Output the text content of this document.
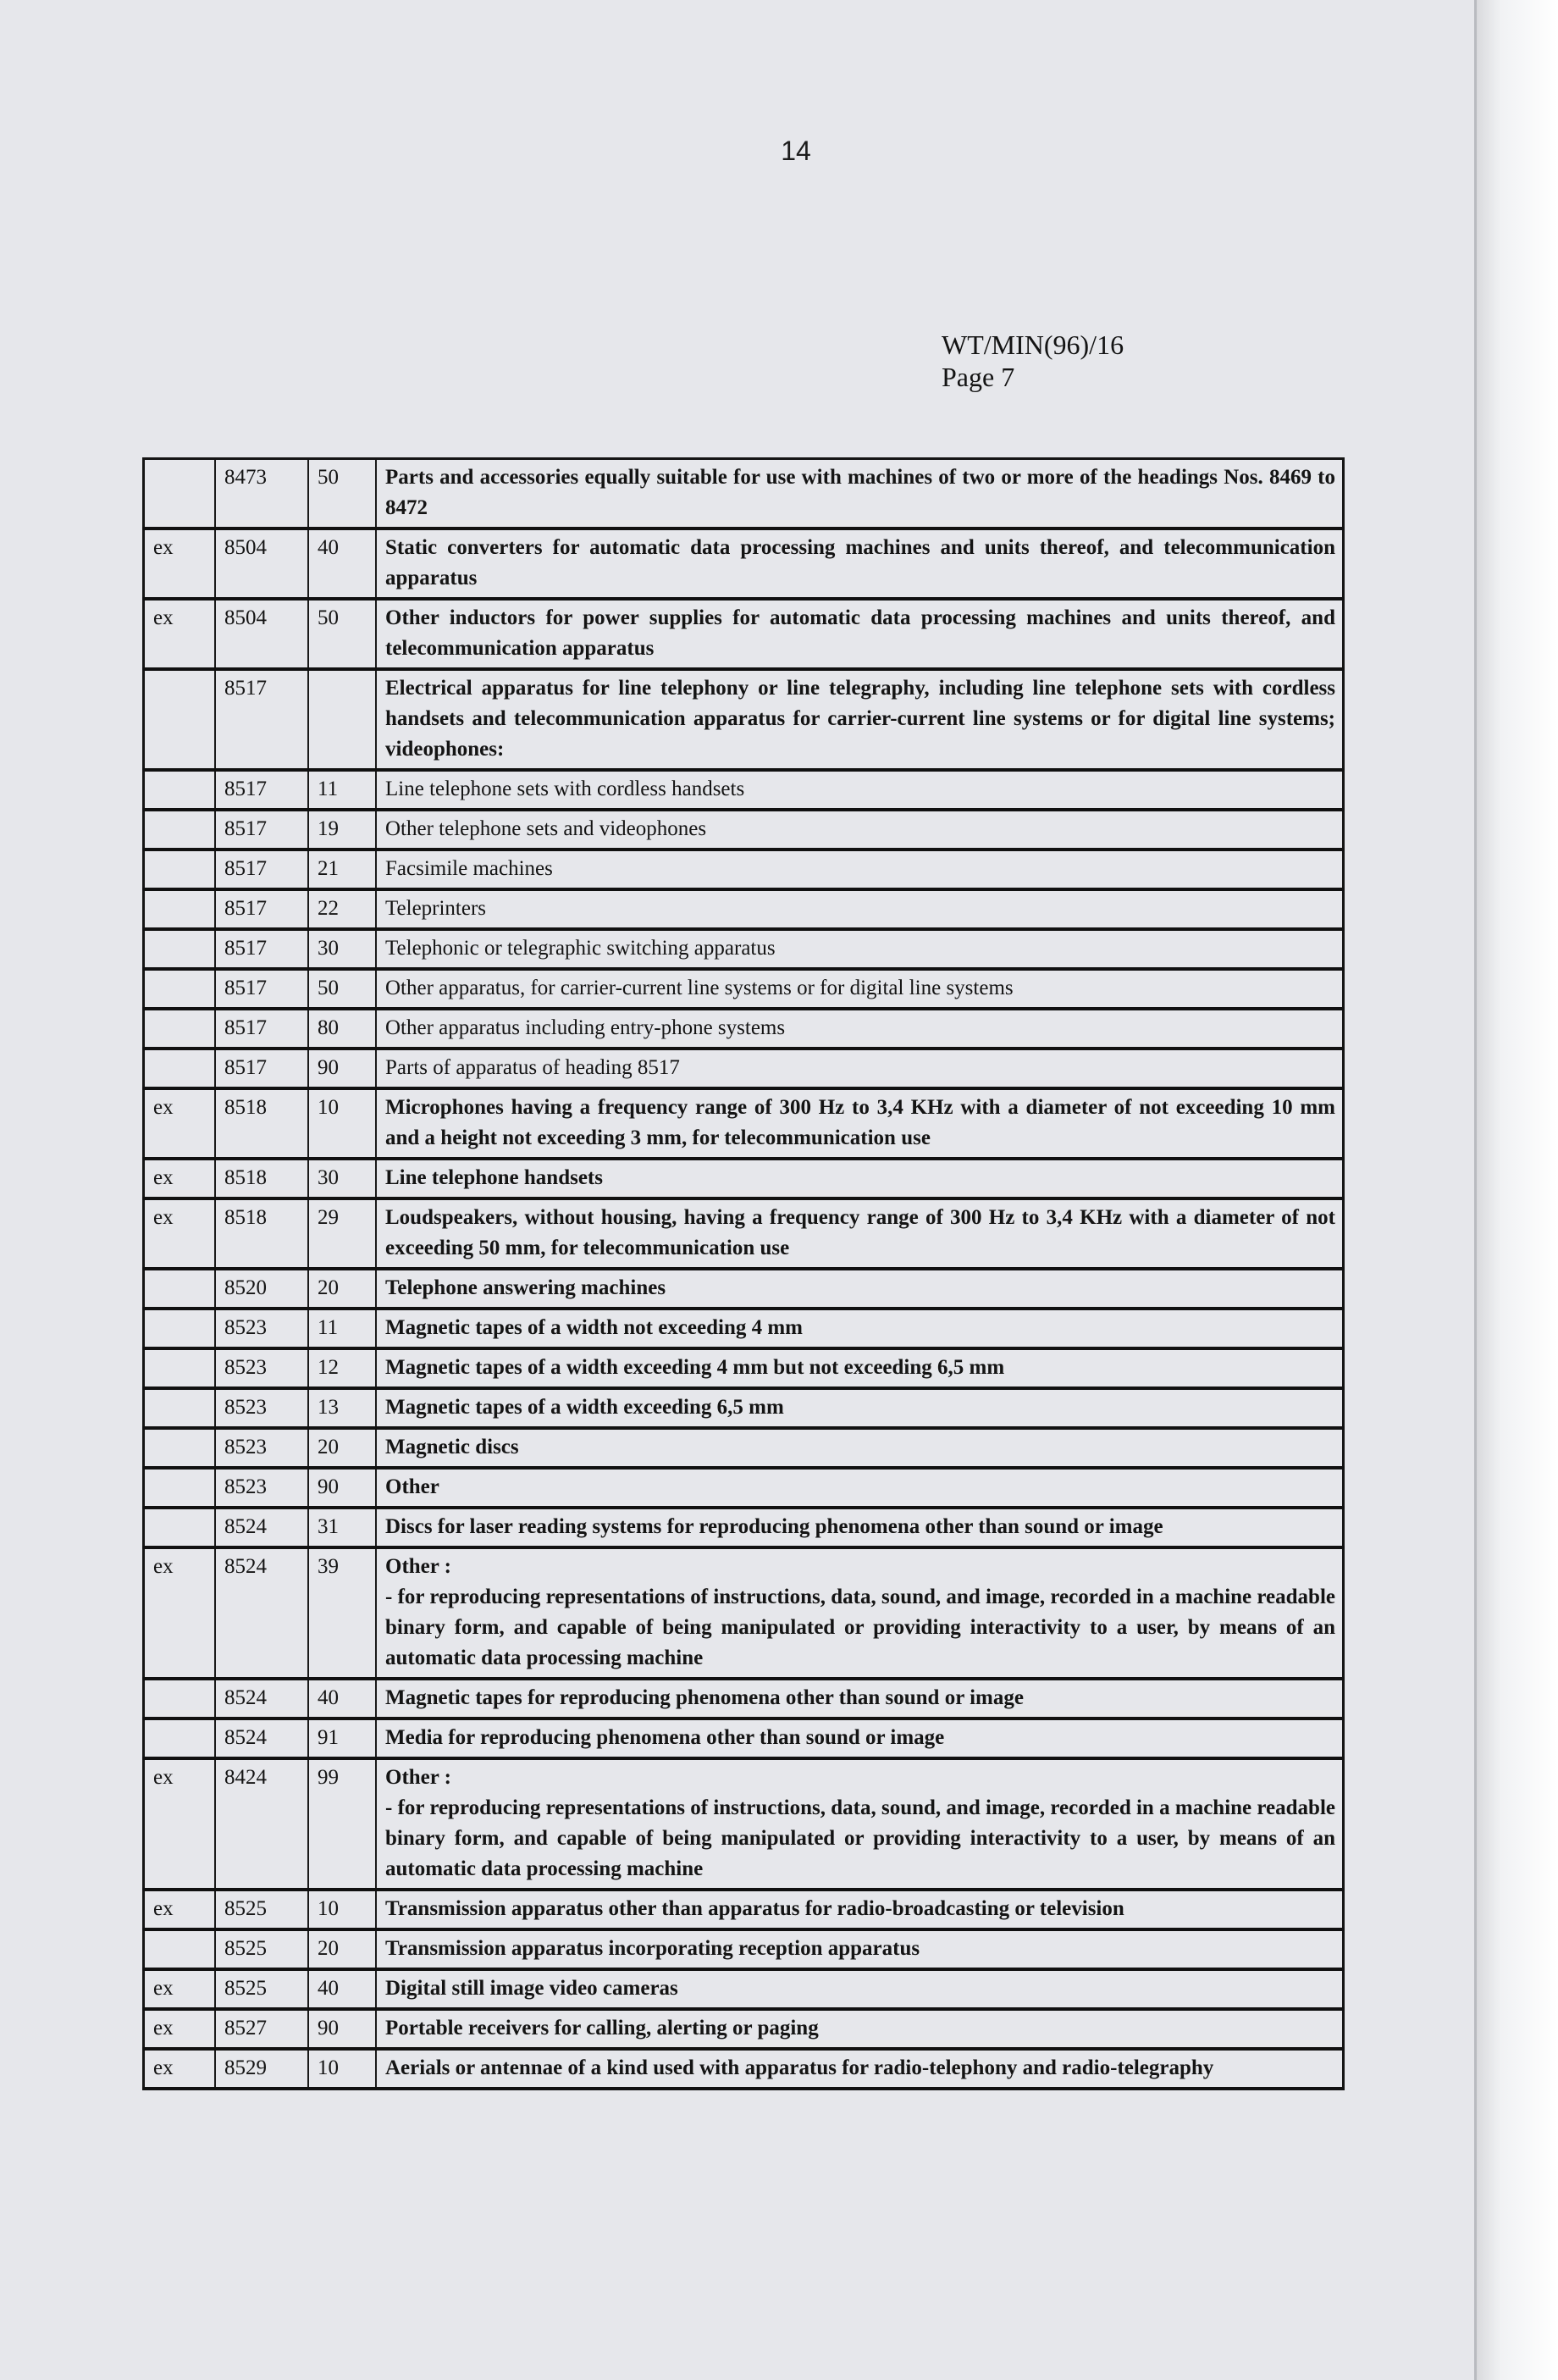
14
WT/MIN(96)/16
Page 7
	8473	50	Parts and accessories equally suitable for use with machines of two or more of the headings Nos. 8469 to 8472

ex	8504	40	Static converters for automatic data processing machines and units thereof, and telecommunication apparatus

ex	8504	50	Other inductors for power supplies for automatic data processing machines and units thereof, and telecommunication apparatus

	8517		Electrical apparatus for line telephony or line telegraphy, including line telephone sets with cordless handsets and telecommunication apparatus for carrier-current line systems or for digital line systems; videophones:

	8517	11	Line telephone sets with cordless handsets

	8517	19	Other telephone sets and videophones

	8517	21	Facsimile machines

	8517	22	Teleprinters

	8517	30	Telephonic or telegraphic switching apparatus

	8517	50	Other apparatus, for carrier-current line systems or for digital line systems

	8517	80	Other apparatus including entry-phone systems

	8517	90	Parts of apparatus of heading 8517

ex	8518	10	Microphones having a frequency range of 300 Hz to 3,4 KHz with a diameter of not exceeding 10 mm and a height not exceeding 3 mm, for telecommunication use

ex	8518	30	Line telephone handsets

ex	8518	29	Loudspeakers, without housing, having a frequency range of 300 Hz to 3,4 KHz with a diameter of not exceeding 50 mm, for telecommunication use

	8520	20	Telephone answering machines

	8523	11	Magnetic tapes of a width not exceeding 4 mm

	8523	12	Magnetic tapes of a width exceeding 4 mm but not exceeding 6,5 mm

	8523	13	Magnetic tapes of a width exceeding 6,5 mm

	8523	20	Magnetic discs

	8523	90	Other

	8524	31	Discs for laser reading systems for reproducing phenomena other than sound or image

ex	8524	39	Other :
- for reproducing representations of instructions, data, sound, and image, recorded in a machine readable binary form, and capable of being manipulated or providing interactivity to a user, by means of an automatic data processing machine

	8524	40	Magnetic tapes for reproducing phenomena other than sound or image

	8524	91	Media for reproducing phenomena other than sound or image

ex	8424	99	Other :
- for reproducing representations of instructions, data, sound, and image, recorded in a machine readable binary form, and capable of being manipulated or providing interactivity to a user, by means of an automatic data processing machine

ex	8525	10	Transmission apparatus other than apparatus for radio-broadcasting or television

	8525	20	Transmission apparatus incorporating reception apparatus

ex	8525	40	Digital still image video cameras

ex	8527	90	Portable receivers for calling, alerting or paging

ex	8529	10	Aerials or antennae of a kind used with apparatus for radio-telephony and radio-telegraphy
